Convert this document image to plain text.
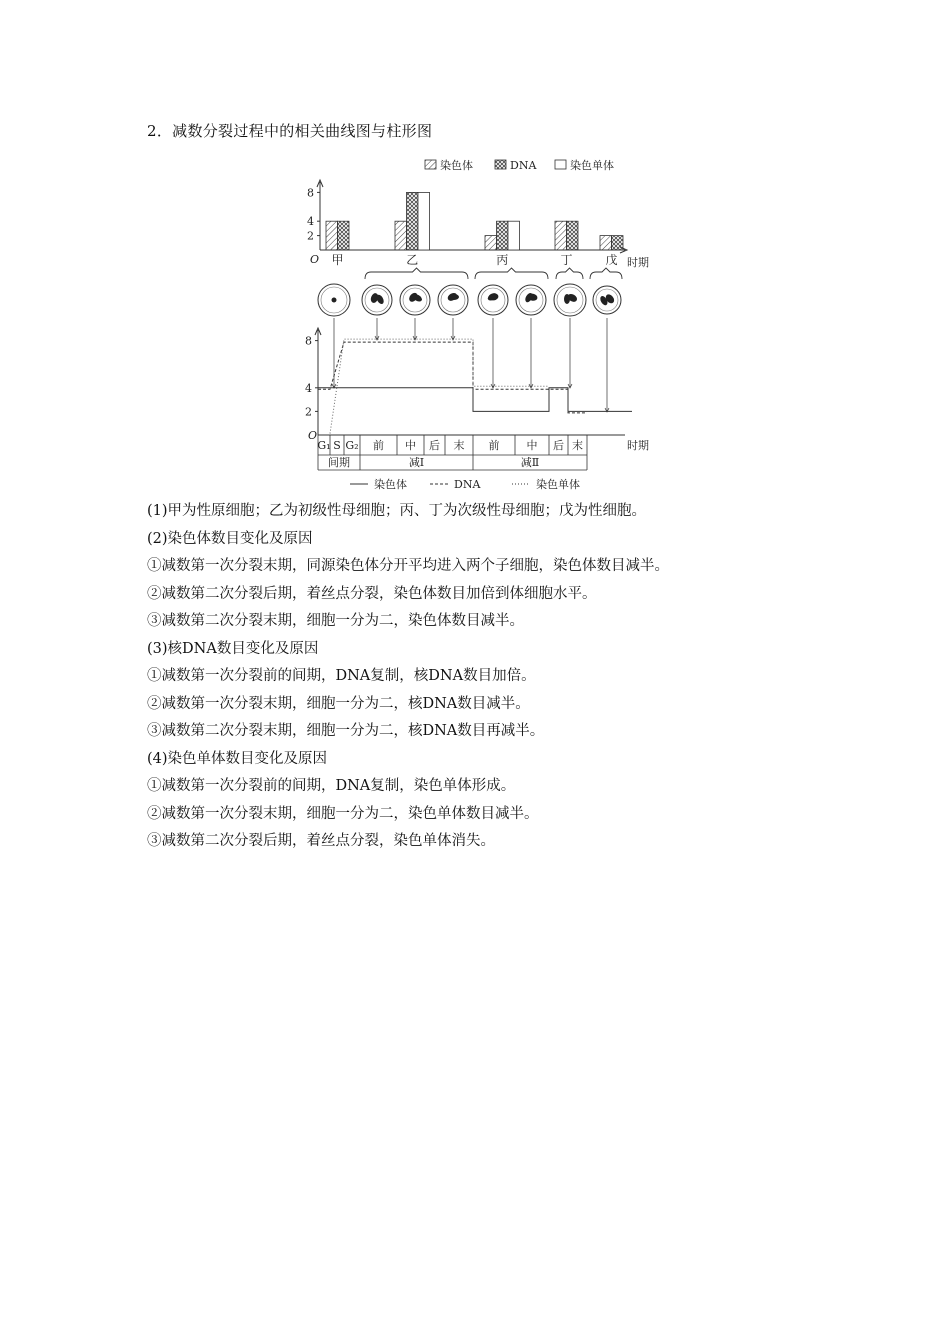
2．减数分裂过程中的相关曲线图与柱形图
染色体	DNA	染色单体
2
4
8
O	时期
甲	乙	丙	丁	戊
2
4
8
O
G₁ S G₂ 前 中 后 末 前 中 后 末
间期	减Ⅰ	减Ⅱ
时期
染色体	DNA	染色单体

(1)甲为性原细胞；乙为初级性母细胞；丙、丁为次级性母细胞；戊为性细胞。

(2)染色体数目变化及原因

①减数第一次分裂末期，同源染色体分开平均进入两个子细胞，染色体数目减半。

②减数第二次分裂后期，着丝点分裂，染色体数目加倍到体细胞水平。

③减数第二次分裂末期，细胞一分为二，染色体数目减半。

(3)核DNA数目变化及原因

①减数第一次分裂前的间期，DNA复制，核DNA数目加倍。

②减数第一次分裂末期，细胞一分为二，核DNA数目减半。

③减数第二次分裂末期，细胞一分为二，核DNA数目再减半。

(4)染色单体数目变化及原因

①减数第一次分裂前的间期，DNA复制，染色单体形成。

②减数第一次分裂末期，细胞一分为二，染色单体数目减半。

③减数第二次分裂后期，着丝点分裂，染色单体消失。
